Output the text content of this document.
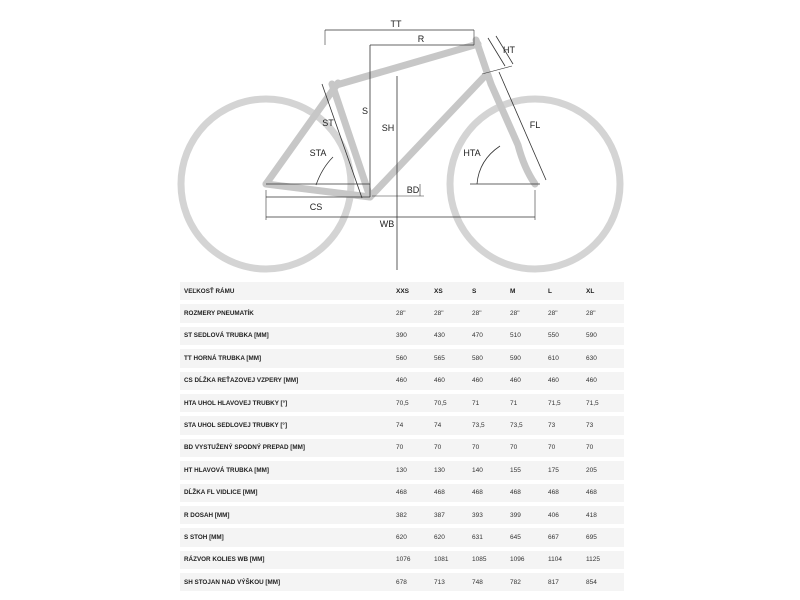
TT
R
HT
S
SH
ST
STA
FL
HTA
BD
CS
WB
VEĽKOSŤ RÁMU	XXS	XS	S	M	L	XL
ROZMERY PNEUMATÍK	28"	28"	28"	28"	28"	28"
ST SEDLOVÁ TRUBKA [MM]	390	430	470	510	550	590
TT HORNÁ TRUBKA [MM]	560	565	580	590	610	630
CS DĹŽKA REŤAZOVEJ VZPERY [MM]	460	460	460	460	460	460
HTA UHOL HLAVOVEJ TRUBKY [°]	70,5	70,5	71	71	71,5	71,5
STA UHOL SEDLOVEJ TRUBKY [°]	74	74	73,5	73,5	73	73
BD VYSTUŽENÝ SPODNÝ PREPAD [MM]	70	70	70	70	70	70
HT HLAVOVÁ TRUBKA [MM]	130	130	140	155	175	205
DĹŽKA FL VIDLICE [MM]	468	468	468	468	468	468
R DOSAH [MM]	382	387	393	399	406	418
S STOH [MM]	620	620	631	645	667	695
RÁZVOR KOLIES WB [MM]	1076	1081	1085	1096	1104	1125
SH STOJAN NAD VÝŠKOU [MM]	678	713	748	782	817	854
